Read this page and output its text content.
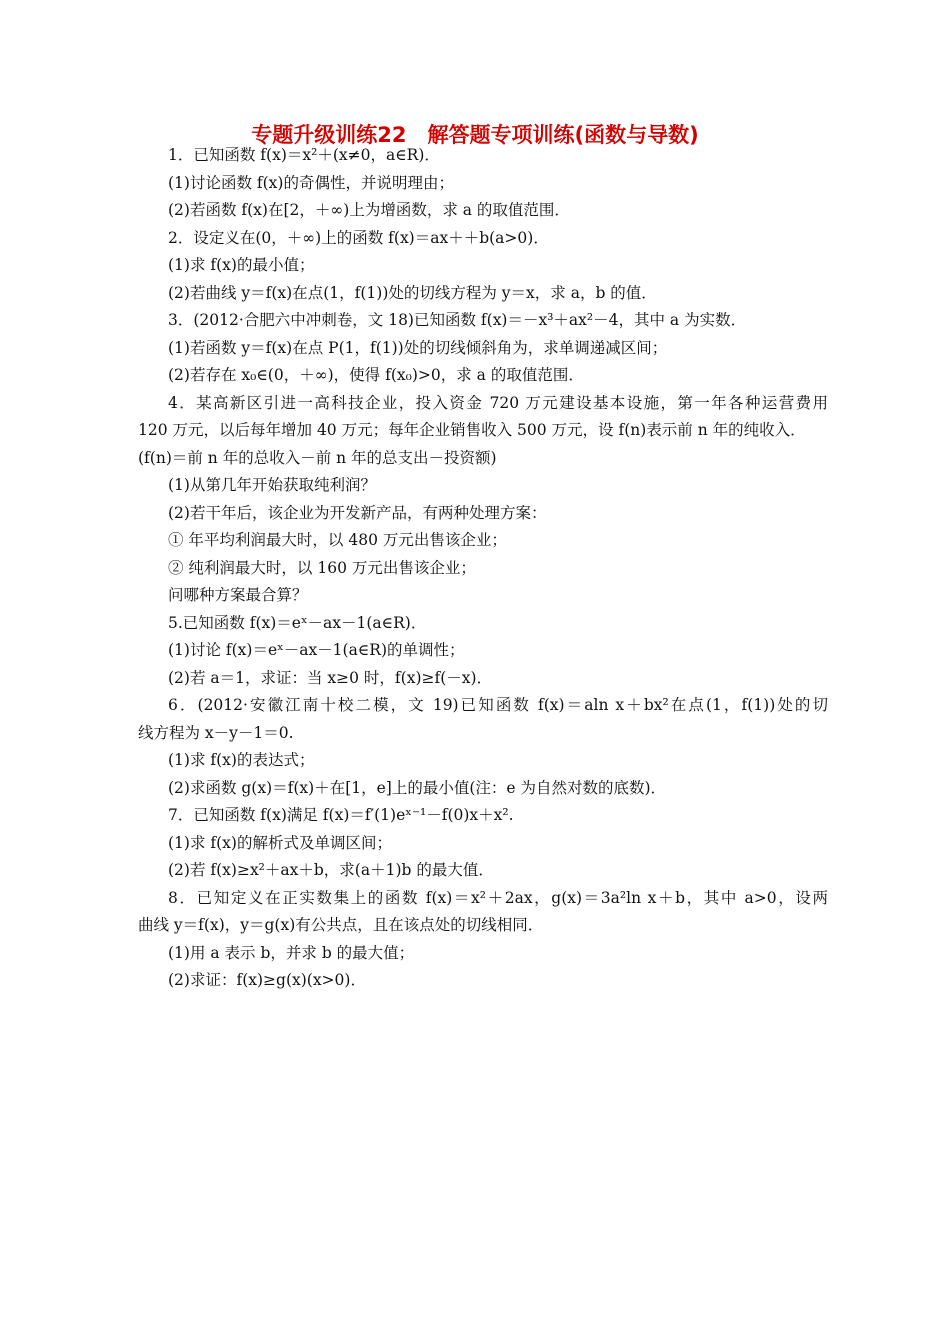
专题升级训练22　解答题专项训练(函数与导数)
1．已知函数 f(x)＝x²＋(x≠0，a∈R)．
(1)讨论函数 f(x)的奇偶性，并说明理由；
(2)若函数 f(x)在[2，＋∞)上为增函数，求 a 的取值范围．
2．设定义在(0，＋∞)上的函数 f(x)＝ax＋＋b(a>0)．
(1)求 f(x)的最小值；
(2)若曲线 y＝f(x)在点(1，f(1))处的切线方程为 y＝x，求 a，b 的值．
3．(2012·合肥六中冲刺卷，文 18)已知函数 f(x)＝－x³＋ax²－4，其中 a 为实数．
(1)若函数 y＝f(x)在点 P(1，f(1))处的切线倾斜角为，求单调递减区间；
(2)若存在 x₀∈(0，＋∞)，使得 f(x₀)>0，求 a 的取值范围．
4．某高新区引进一高科技企业，投入资金 720 万元建设基本设施，第一年各种运营费用
120 万元，以后每年增加 40 万元；每年企业销售收入 500 万元，设 f(n)表示前 n 年的纯收入．
(f(n)＝前 n 年的总收入－前 n 年的总支出－投资额)
(1)从第几年开始获取纯利润？
(2)若干年后，该企业为开发新产品，有两种处理方案：
① 年平均利润最大时，以 480 万元出售该企业；
② 纯利润最大时，以 160 万元出售该企业；
问哪种方案最合算？
5.已知函数 f(x)＝eˣ－ax－1(a∈R)．
(1)讨论 f(x)＝eˣ－ax－1(a∈R)的单调性；
(2)若 a＝1，求证：当 x≥0 时，f(x)≥f(－x)．
6．(2012·安徽江南十校二模，文 19)已知函数 f(x)＝aln x＋bx²在点(1，f(1))处的切
线方程为 x－y－1＝0.
(1)求 f(x)的表达式；
(2)求函数 g(x)＝f(x)＋在[1，e]上的最小值(注：e 为自然对数的底数)．
7．已知函数 f(x)满足 f(x)＝f′(1)eˣ⁻¹－f(0)x＋x².
(1)求 f(x)的解析式及单调区间；
(2)若 f(x)≥x²＋ax＋b，求(a＋1)b 的最大值．
8．已知定义在正实数集上的函数 f(x)＝x²＋2ax，g(x)＝3a²ln x＋b，其中 a>0，设两
曲线 y＝f(x)，y＝g(x)有公共点，且在该点处的切线相同．
(1)用 a 表示 b，并求 b 的最大值；
(2)求证：f(x)≥g(x)(x>0)．
